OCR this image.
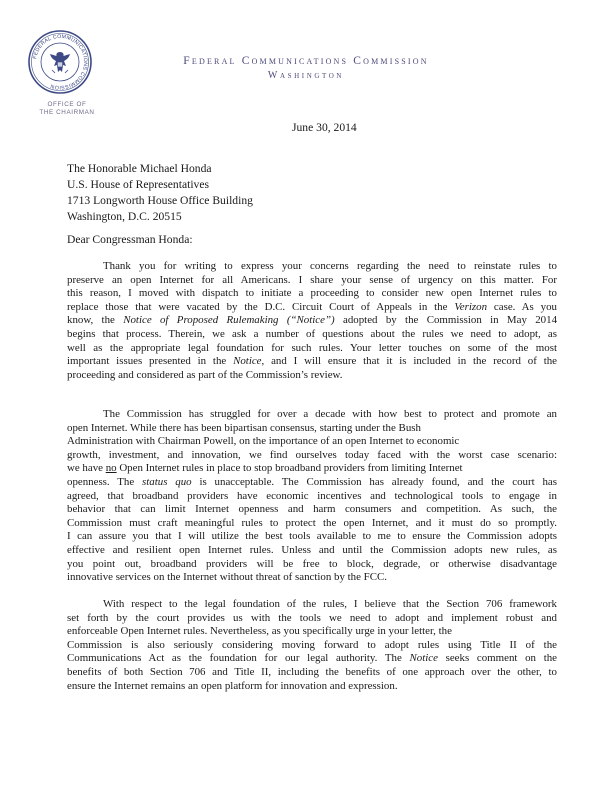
FEDERAL COMMUNICATIONS COMMISSION
OFFICE OF
THE CHAIRMAN
Federal Communications Commission
Washington
June 30, 2014
The Honorable Michael Honda
U.S. House of Representatives
1713 Longworth House Office Building
Washington, D.C. 20515
Dear Congressman Honda:
Thank you for writing to express your concerns regarding the need to reinstate rules to
preserve an open Internet for all Americans. I share your sense of urgency on this matter. For
this reason, I moved with dispatch to initiate a proceeding to consider new open Internet rules to
replace those that were vacated by the D.C. Circuit Court of Appeals in the Verizon case. As you
know, the Notice of Proposed Rulemaking (“Notice”) adopted by the Commission in May 2014
begins that process. Therein, we ask a number of questions about the rules we need to adopt, as
well as the appropriate legal foundation for such rules. Your letter touches on some of the most
important issues presented in the Notice, and I will ensure that it is included in the record of the
proceeding and considered as part of the Commission’s review.
The Commission has struggled for over a decade with how best to protect and promote an
open Internet. While there has been bipartisan consensus, starting under the Bush
Administration with Chairman Powell, on the importance of an open Internet to economic
growth, investment, and innovation, we find ourselves today faced with the worst case scenario:
we have no Open Internet rules in place to stop broadband providers from limiting Internet
openness. The status quo is unacceptable. The Commission has already found, and the court has
agreed, that broadband providers have economic incentives and technological tools to engage in
behavior that can limit Internet openness and harm consumers and competition. As such, the
Commission must craft meaningful rules to protect the open Internet, and it must do so promptly.
I can assure you that I will utilize the best tools available to me to ensure the Commission adopts
effective and resilient open Internet rules. Unless and until the Commission adopts new rules, as
you point out, broadband providers will be free to block, degrade, or otherwise disadvantage
innovative services on the Internet without threat of sanction by the FCC.
With respect to the legal foundation of the rules, I believe that the Section 706 framework
set forth by the court provides us with the tools we need to adopt and implement robust and
enforceable Open Internet rules. Nevertheless, as you specifically urge in your letter, the
Commission is also seriously considering moving forward to adopt rules using Title II of the
Communications Act as the foundation for our legal authority. The Notice seeks comment on the
benefits of both Section 706 and Title II, including the benefits of one approach over the other, to
ensure the Internet remains an open platform for innovation and expression.
